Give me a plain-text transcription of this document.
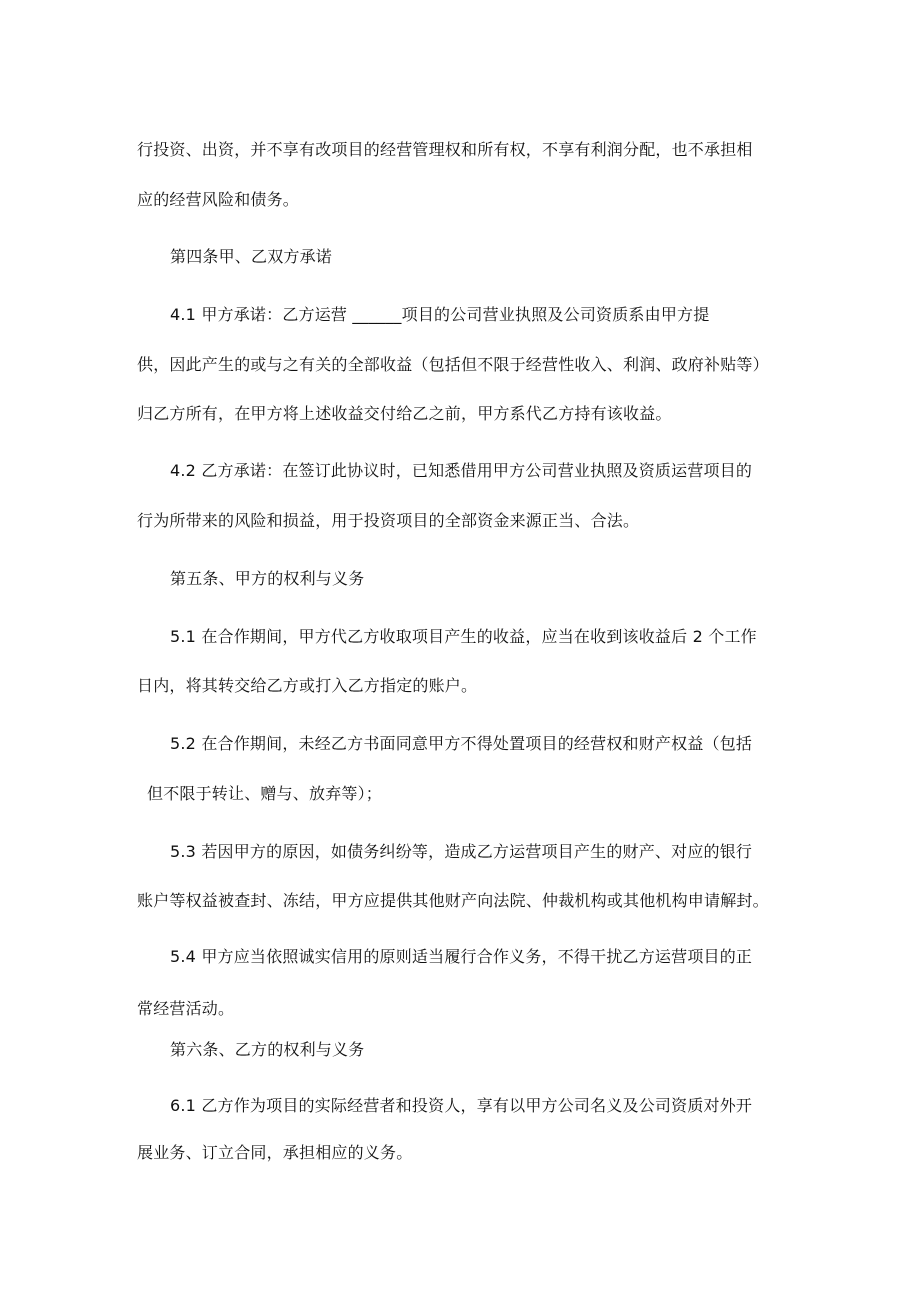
行投资、出资，并不享有改项目的经营管理权和所有权，不享有利润分配，也不承担相
应的经营风险和债务。
第四条甲、乙双方承诺
4.1 甲方承诺：乙方运营 ______项目的公司营业执照及公司资质系由甲方提
供，因此产生的或与之有关的全部收益（包括但不限于经营性收入、利润、政府补贴等）
归乙方所有，在甲方将上述收益交付给乙之前，甲方系代乙方持有该收益。
4.2 乙方承诺：在签订此协议时，已知悉借用甲方公司营业执照及资质运营项目的
行为所带来的风险和损益，用于投资项目的全部资金来源正当、合法。
第五条、甲方的权利与义务
5.1 在合作期间，甲方代乙方收取项目产生的收益，应当在收到该收益后 2 个工作
日内，将其转交给乙方或打入乙方指定的账户。
5.2 在合作期间，未经乙方书面同意甲方不得处置项目的经营权和财产权益（包括
但不限于转让、赠与、放弃等）；
5.3 若因甲方的原因，如债务纠纷等，造成乙方运营项目产生的财产、对应的银行
账户等权益被查封、冻结，甲方应提供其他财产向法院、仲裁机构或其他机构申请解封。
5.4 甲方应当依照诚实信用的原则适当履行合作义务，不得干扰乙方运营项目的正
常经营活动。
第六条、乙方的权利与义务
6.1 乙方作为项目的实际经营者和投资人，享有以甲方公司名义及公司资质对外开
展业务、订立合同，承担相应的义务。
